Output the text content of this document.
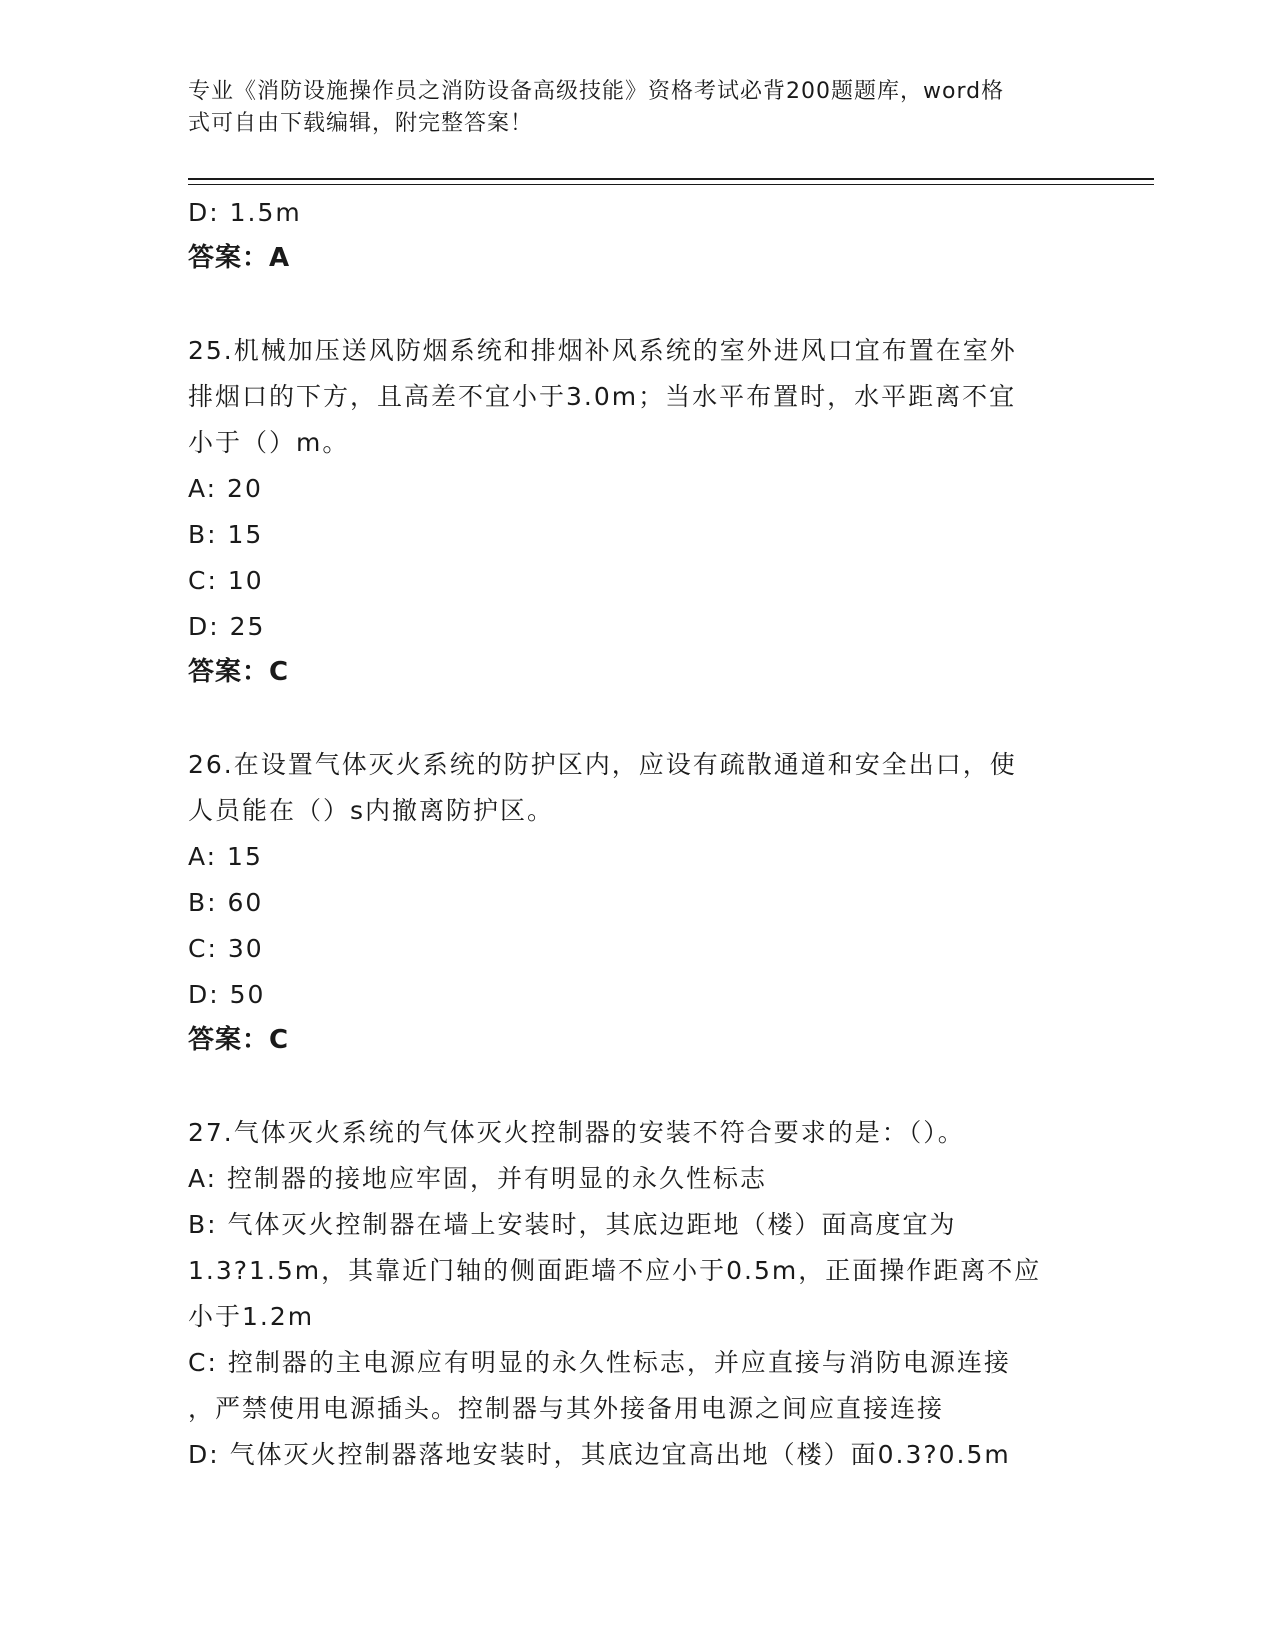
专业《消防设施操作员之消防设备高级技能》资格考试必背200题题库，word格
式可自由下载编辑，附完整答案！
D: 1.5m
答案：A
25.机械加压送风防烟系统和排烟补风系统的室外进风口宜布置在室外
排烟口的下方，且高差不宜小于3.0m；当水平布置时，水平距离不宜
小于（）m。
A: 20
B: 15
C: 10
D: 25
答案：C
26.在设置气体灭火系统的防护区内，应设有疏散通道和安全出口，使
人员能在（）s内撤离防护区。
A: 15
B: 60
C: 30
D: 50
答案：C
27.气体灭火系统的气体灭火控制器的安装不符合要求的是：（）。
A: 控制器的接地应牢固，并有明显的永久性标志
B: 气体灭火控制器在墙上安装时，其底边距地（楼）面高度宜为
1.3?1.5m，其靠近门轴的侧面距墙不应小于0.5m，正面操作距离不应
小于1.2m
C: 控制器的主电源应有明显的永久性标志，并应直接与消防电源连接
，严禁使用电源插头。控制器与其外接备用电源之间应直接连接
D: 气体灭火控制器落地安装时，其底边宜高出地（楼）面0.3?0.5m
